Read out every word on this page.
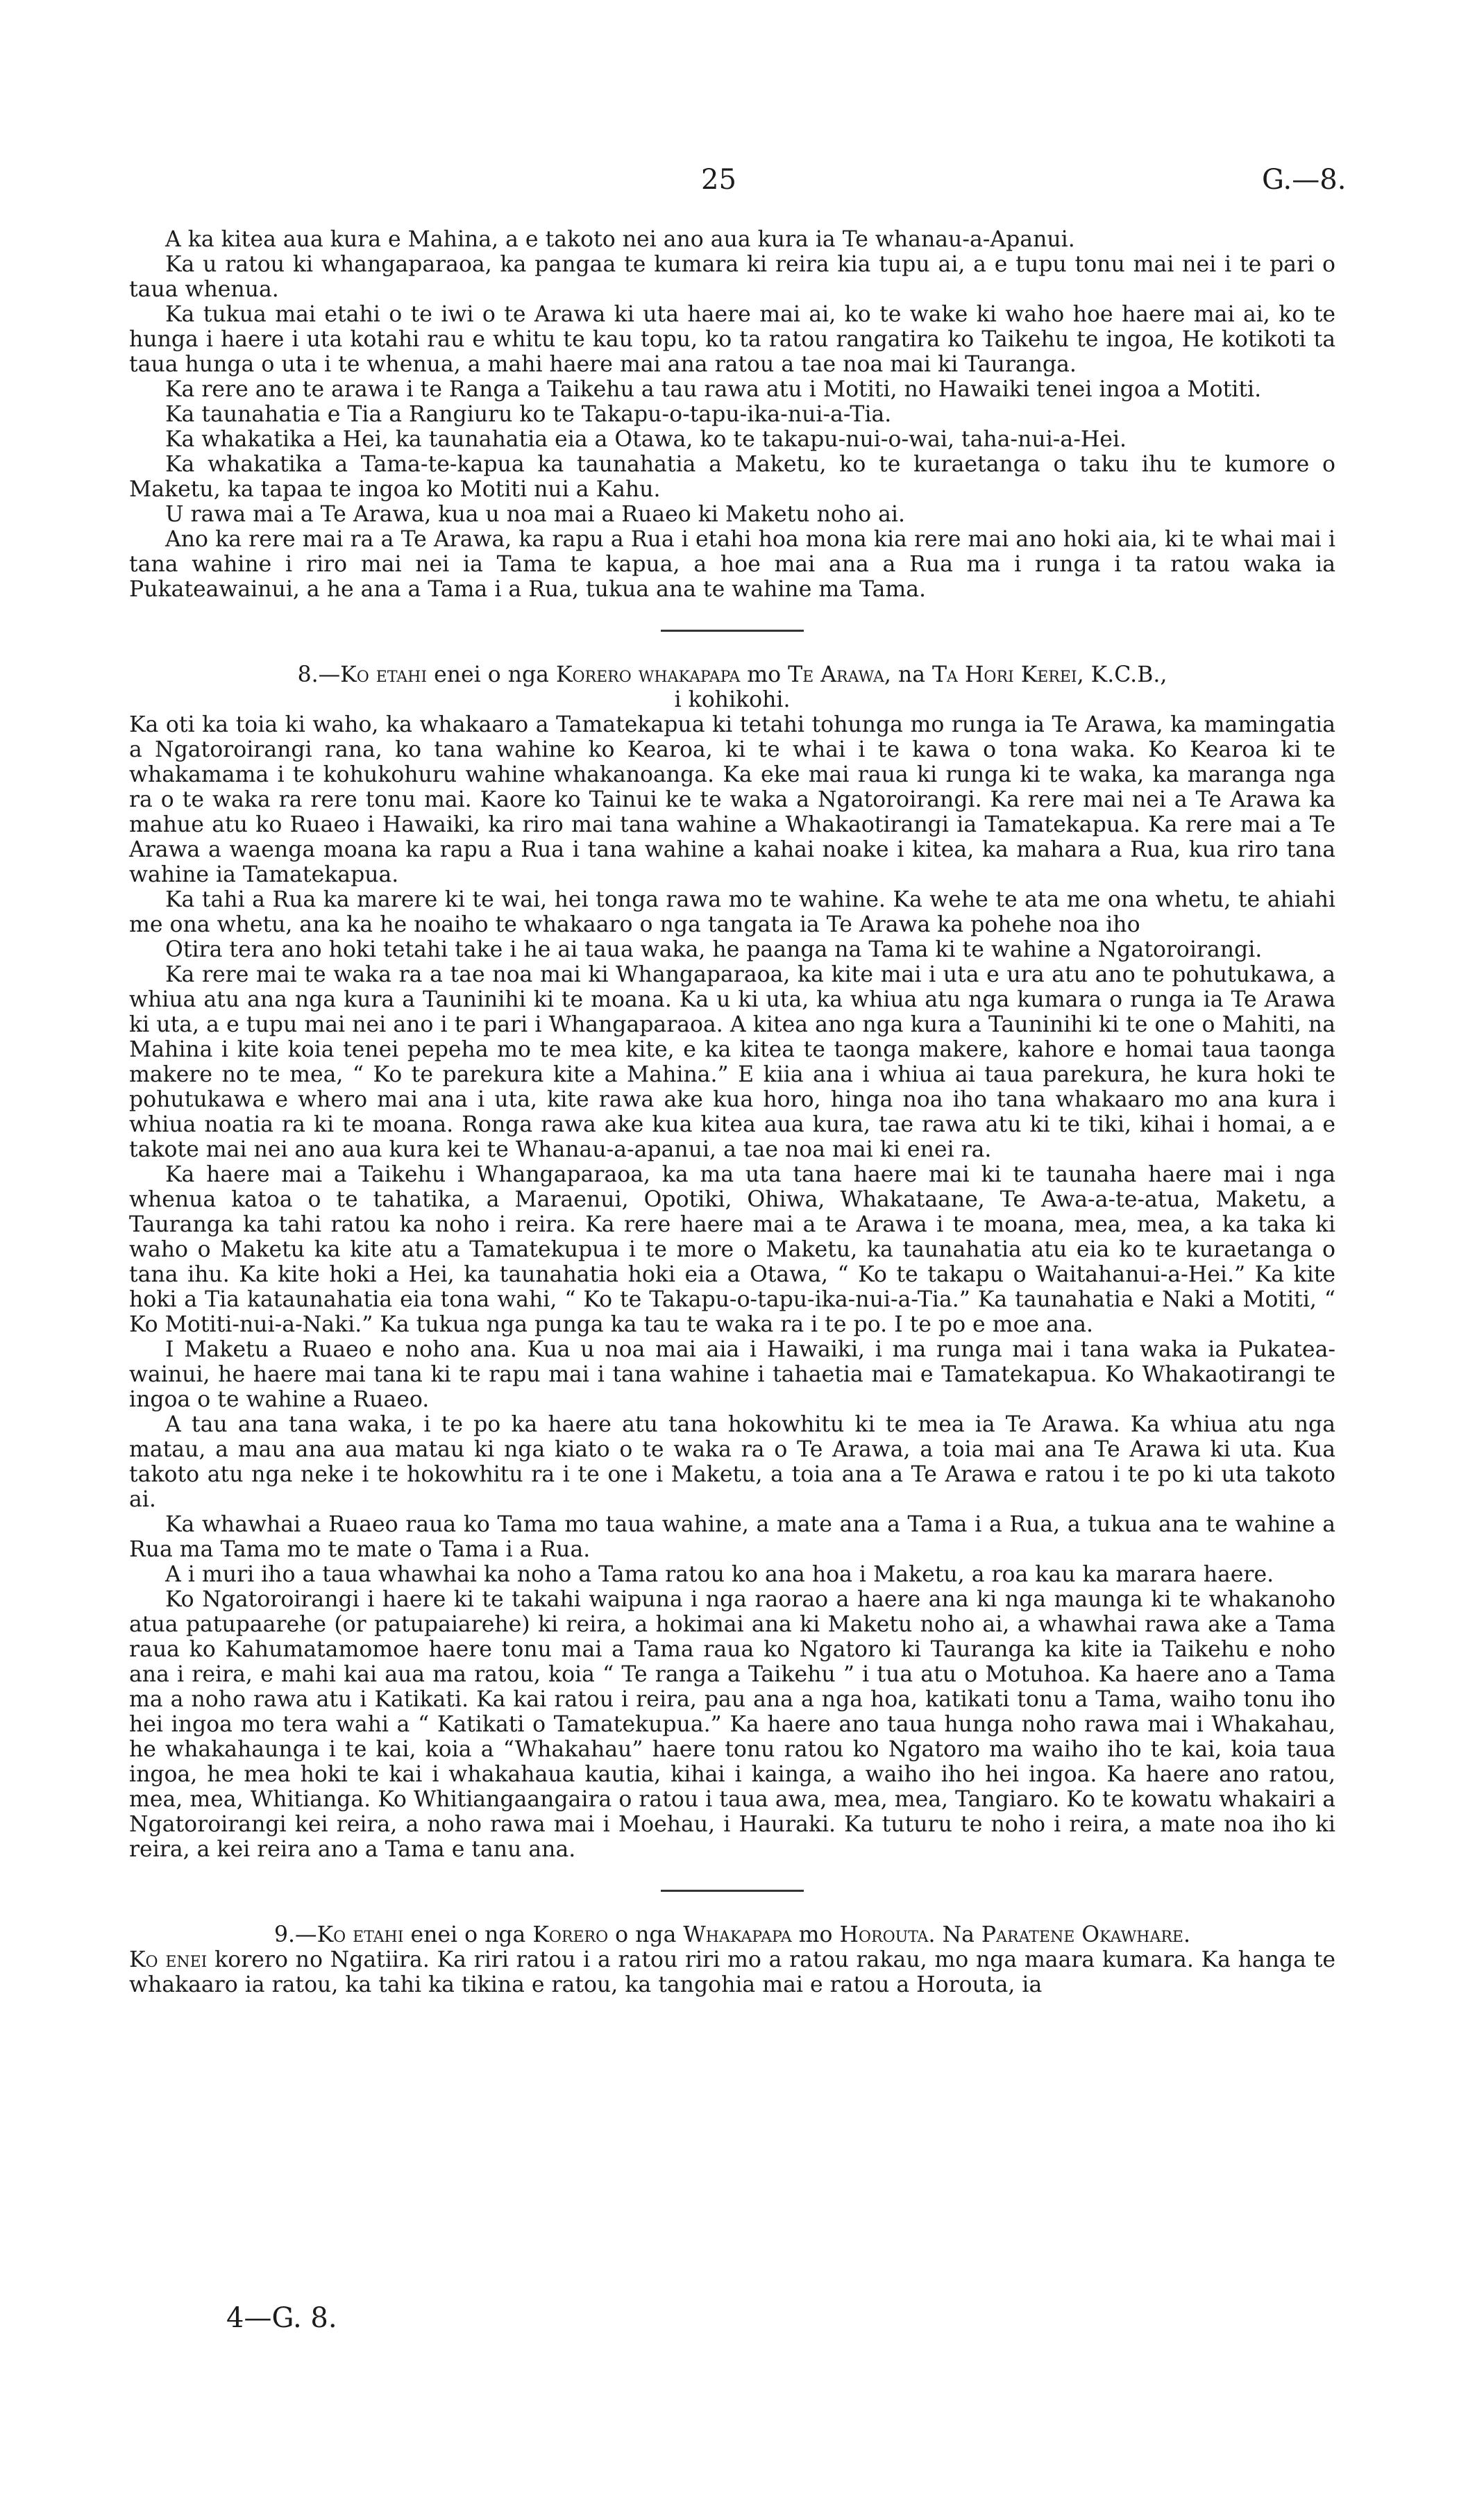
25	G.—8.

A ka kitea aua kura e Mahina, a e takoto nei ano aua kura ia Te whanau-a-Apanui.

Ka u ratou ki whangaparaoa, ka pangaa te kumara ki reira kia tupu ai, a e tupu tonu mai nei i te pari o taua whenua.

Ka tukua mai etahi o te iwi o te Arawa ki uta haere mai ai, ko te wake ki waho hoe haere mai ai, ko te hunga i haere i uta kotahi rau e whitu te kau topu, ko ta ratou rangatira ko Taikehu te ingoa, He kotikoti ta taua hunga o uta i te whenua, a mahi haere mai ana ratou a tae noa mai ki Tauranga.

Ka rere ano te arawa i te Ranga a Taikehu a tau rawa atu i Motiti, no Hawaiki tenei ingoa a Motiti.

Ka taunahatia e Tia a Rangiuru ko te Takapu-o-tapu-ika-nui-a-Tia.

Ka whakatika a Hei, ka taunahatia eia a Otawa, ko te takapu-nui-o-wai, taha-nui-a-Hei.

Ka whakatika a Tama-te-kapua ka taunahatia a Maketu, ko te kuraetanga o taku ihu te kumore o Maketu, ka tapaa te ingoa ko Motiti nui a Kahu.

U rawa mai a Te Arawa, kua u noa mai a Ruaeo ki Maketu noho ai.

Ano ka rere mai ra a Te Arawa, ka rapu a Rua i etahi hoa mona kia rere mai ano hoki aia, ki te whai mai i tana wahine i riro mai nei ia Tama te kapua, a hoe mai ana a Rua ma i runga i ta ratou waka ia Pukateawainui, a he ana a Tama i a Rua, tukua ana te wahine ma Tama.

8.—Ko etahi enei o nga Korero whakapapa mo Te Arawa, na Ta Hori Kerei, K.C.B.,

i kohikohi.

Ka oti ka toia ki waho, ka whakaaro a Tamatekapua ki tetahi tohunga mo runga ia Te Arawa, ka mamingatia a Ngatoroirangi rana, ko tana wahine ko Kearoa, ki te whai i te kawa o tona waka. Ko Kearoa ki te whakamama i te kohukohuru wahine whakanoanga. Ka eke mai raua ki runga ki te waka, ka maranga nga ra o te waka ra rere tonu mai. Kaore ko Tainui ke te waka a Ngatoroirangi. Ka rere mai nei a Te Arawa ka mahue atu ko Ruaeo i Hawaiki, ka riro mai tana wahine a Whakaotirangi ia Tamatekapua. Ka rere mai a Te Arawa a waenga moana ka rapu a Rua i tana wahine a kahai noake i kitea, ka mahara a Rua, kua riro tana wahine ia Tamatekapua.

Ka tahi a Rua ka marere ki te wai, hei tonga rawa mo te wahine. Ka wehe te ata me ona whetu, te ahiahi me ona whetu, ana ka he noaiho te whakaaro o nga tangata ia Te Arawa ka pohehe noa iho

Otira tera ano hoki tetahi take i he ai taua waka, he paanga na Tama ki te wahine a Ngatoroirangi.

Ka rere mai te waka ra a tae noa mai ki Whangaparaoa, ka kite mai i uta e ura atu ano te pohutukawa, a whiua atu ana nga kura a Tauninihi ki te moana. Ka u ki uta, ka whiua atu nga kumara o runga ia Te Arawa ki uta, a e tupu mai nei ano i te pari i Whangaparaoa. A kitea ano nga kura a Tauninihi ki te one o Mahiti, na Mahina i kite koia tenei pepeha mo te mea kite, e ka kitea te taonga makere, kahore e homai taua taonga makere no te mea, “ Ko te parekura kite a Mahina.” E kiia ana i whiua ai taua parekura, he kura hoki te pohutukawa e whero mai ana i uta, kite rawa ake kua horo, hinga noa iho tana whakaaro mo ana kura i whiua noatia ra ki te moana. Ronga rawa ake kua kitea aua kura, tae rawa atu ki te tiki, kihai i homai, a e takote mai nei ano aua kura kei te Whanau-a-apanui, a tae noa mai ki enei ra.

Ka haere mai a Taikehu i Whangaparaoa, ka ma uta tana haere mai ki te taunaha haere mai i nga whenua katoa o te tahatika, a Maraenui, Opotiki, Ohiwa, Whakataane, Te Awa-a-te-atua, Maketu, a Tauranga ka tahi ratou ka noho i reira. Ka rere haere mai a te Arawa i te moana, mea, mea, a ka taka ki waho o Maketu ka kite atu a Tamatekupua i te more o Maketu, ka taunahatia atu eia ko te kuraetanga o tana ihu. Ka kite hoki a Hei, ka taunahatia hoki eia a Otawa, “ Ko te takapu o Waitahanui-a-Hei.” Ka kite hoki a Tia kataunahatia eia tona wahi, “ Ko te Takapu-o-tapu-ika-nui-a-Tia.” Ka taunahatia e Naki a Motiti, “ Ko Motiti-nui-a-Naki.” Ka tukua nga punga ka tau te waka ra i te po. I te po e moe ana.

I Maketu a Ruaeo e noho ana. Kua u noa mai aia i Hawaiki, i ma runga mai i tana waka ia Pukatea-wainui, he haere mai tana ki te rapu mai i tana wahine i tahaetia mai e Tamatekapua. Ko Whakaotirangi te ingoa o te wahine a Ruaeo.

A tau ana tana waka, i te po ka haere atu tana hokowhitu ki te mea ia Te Arawa. Ka whiua atu nga matau, a mau ana aua matau ki nga kiato o te waka ra o Te Arawa, a toia mai ana Te Arawa ki uta. Kua takoto atu nga neke i te hokowhitu ra i te one i Maketu, a toia ana a Te Arawa e ratou i te po ki uta takoto ai.

Ka whawhai a Ruaeo raua ko Tama mo taua wahine, a mate ana a Tama i a Rua, a tukua ana te wahine a Rua ma Tama mo te mate o Tama i a Rua.

A i muri iho a taua whawhai ka noho a Tama ratou ko ana hoa i Maketu, a roa kau ka marara haere.

Ko Ngatoroirangi i haere ki te takahi waipuna i nga raorao a haere ana ki nga maunga ki te whakanoho atua patupaarehe (or patupaiarehe) ki reira, a hokimai ana ki Maketu noho ai, a whawhai rawa ake a Tama raua ko Kahumatamomoe haere tonu mai a Tama raua ko Ngatoro ki Tauranga ka kite ia Taikehu e noho ana i reira, e mahi kai aua ma ratou, koia “ Te ranga a Taikehu ” i tua atu o Motuhoa. Ka haere ano a Tama ma a noho rawa atu i Katikati. Ka kai ratou i reira, pau ana a nga hoa, katikati tonu a Tama, waiho tonu iho hei ingoa mo tera wahi a “ Katikati o Tamatekupua.” Ka haere ano taua hunga noho rawa mai i Whakahau, he whakahaunga i te kai, koia a “Whakahau” haere tonu ratou ko Ngatoro ma waiho iho te kai, koia taua ingoa, he mea hoki te kai i whakahaua kautia, kihai i kainga, a waiho iho hei ingoa. Ka haere ano ratou, mea, mea, Whitianga. Ko Whitiangaangaira o ratou i taua awa, mea, mea, Tangiaro. Ko te kowatu whakairi a Ngatoroirangi kei reira, a noho rawa mai i Moehau, i Hauraki. Ka tuturu te noho i reira, a mate noa iho ki reira, a kei reira ano a Tama e tanu ana.

9.—Ko etahi enei o nga Korero o nga Whakapapa mo Horouta. Na Paratene Okawhare.

Ko enei korero no Ngatiira. Ka riri ratou i a ratou riri mo a ratou rakau, mo nga maara kumara. Ka hanga te whakaaro ia ratou, ka tahi ka tikina e ratou, ka tangohia mai e ratou a Horouta, ia

4—G. 8.
